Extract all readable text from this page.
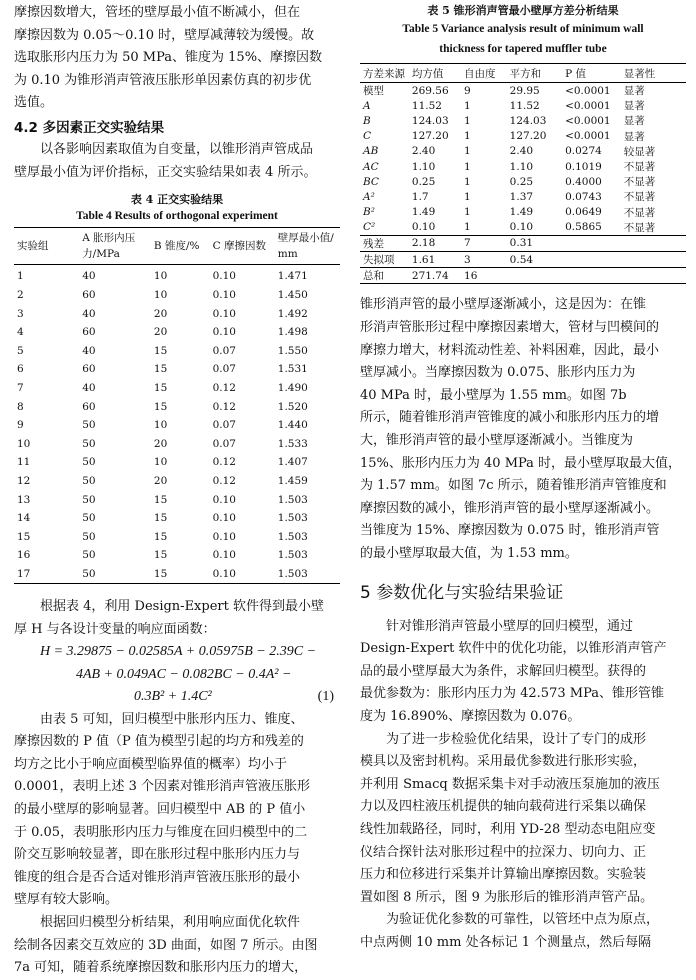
摩擦因数增大，管坯的壁厚最小值不断减小，但在
摩擦因数为 0.05～0.10 时，壁厚减薄较为缓慢。故
选取胀形内压力为 50 MPa、锥度为 15%、摩擦因数
为 0.10 为锥形消声管液压胀形单因素仿真的初步优
选值。
4.2 多因素正交实验结果
以各影响因素取值为自变量，以锥形消声管成品
壁厚最小值为评价指标，正交实验结果如表 4 所示。
表 4 正交实验结果
Table 4 Results of orthogonal experiment
实验组	A 胀形内压
力/MPa	B 锥度/%	C 摩擦因数	壁厚最小值/
mm

1	40	10	0.10	1.471
2	60	10	0.10	1.450
3	40	20	0.10	1.492
4	60	20	0.10	1.498
5	40	15	0.07	1.550
6	60	15	0.07	1.531
7	40	15	0.12	1.490
8	60	15	0.12	1.520
9	50	10	0.07	1.440
10	50	20	0.07	1.533
11	50	10	0.12	1.407
12	50	20	0.12	1.459
13	50	15	0.10	1.503
14	50	15	0.10	1.503
15	50	15	0.10	1.503
16	50	15	0.10	1.503
17	50	15	0.10	1.503
根据表 4，利用 Design-Expert 软件得到最小壁
厚 H 与各设计变量的响应面函数：
H = 3.29875 − 0.02585A + 0.05975B − 2.39C −
4AB + 0.049AC − 0.082BC − 0.4A² −
0.3B² + 1.4C²	(1)
由表 5 可知，回归模型中胀形内压力、锥度、
摩擦因数的 P 值（P 值为模型引起的均方和残差的
均方之比小于响应面模型临界值的概率）均小于
0.0001，表明上述 3 个因素对锥形消声管液压胀形
的最小壁厚的影响显著。回归模型中 AB 的 P 值小
于 0.05，表明胀形内压力与锥度在回归模型中的二
阶交互影响较显著，即在胀形过程中胀形内压力与
锥度的组合是否合适对锥形消声管液压胀形的最小
壁厚有较大影响。
根据回归模型分析结果，利用响应面优化软件
绘制各因素交互效应的 3D 曲面，如图 7 所示。由图
7a 可知，随着系统摩擦因数和胀形内压力的增大，
表 5 锥形消声管最小壁厚方差分析结果
Table 5 Variance analysis result of minimum wall
thickness for tapered muffler tube
方差来源	均方值	自由度	平方和	P 值	显著性
模型	269.56	9	29.95	<0.0001	显著
A	11.52	1	11.52	<0.0001	显著
B	124.03	1	124.03	<0.0001	显著
C	127.20	1	127.20	<0.0001	显著
AB	2.40	1	2.40	0.0274	较显著
AC	1.10	1	1.10	0.1019	不显著
BC	0.25	1	0.25	0.4000	不显著
A²	1.7	1	1.37	0.0743	不显著
B²	1.49	1	1.49	0.0649	不显著
C²	0.10	1	0.10	0.5865	不显著
残差	2.18	7	0.31		
失拟项	1.61	3	0.54		
总和	271.74	16			
锥形消声管的最小壁厚逐渐减小，这是因为：在锥
形消声管胀形过程中摩擦因素增大，管材与凹模间的
摩擦力增大，材料流动性差、补料困难，因此，最小
壁厚减小。当摩擦因数为 0.075、胀形内压力为
40 MPa 时，最小壁厚为 1.55 mm。如图 7b
所示，随着锥形消声管锥度的减小和胀形内压力的增
大，锥形消声管的最小壁厚逐渐减小。当锥度为
15%、胀形内压力为 40 MPa 时，最小壁厚取最大值，
为 1.57 mm。如图 7c 所示，随着锥形消声管锥度和
摩擦因数的减小，锥形消声管的最小壁厚逐渐减小。
当锥度为 15%、摩擦因数为 0.075 时，锥形消声管
的最小壁厚取最大值，为 1.53 mm。
5 参数优化与实验结果验证
针对锥形消声管最小壁厚的回归模型，通过
Design-Expert 软件中的优化功能，以锥形消声管产
品的最小壁厚最大为条件，求解回归模型。获得的
最优参数为：胀形内压力为 42.573 MPa、锥形管锥
度为 16.890%、摩擦因数为 0.076。
为了进一步检验优化结果，设计了专门的成形
模具以及密封机构。采用最优参数进行胀形实验，
并利用 Smacq 数据采集卡对手动液压泵施加的液压
力以及四柱液压机提供的轴向载荷进行采集以确保
线性加载路径，同时，利用 YD-28 型动态电阻应变
仪结合探针法对胀形过程中的拉深力、切向力、正
压力和位移进行采集并计算输出摩擦因数。实验装
置如图 8 所示，图 9 为胀形后的锥形消声管产品。
为验证优化参数的可靠性，以管坯中点为原点，
中点两侧 10 mm 处各标记 1 个测量点，然后每隔
